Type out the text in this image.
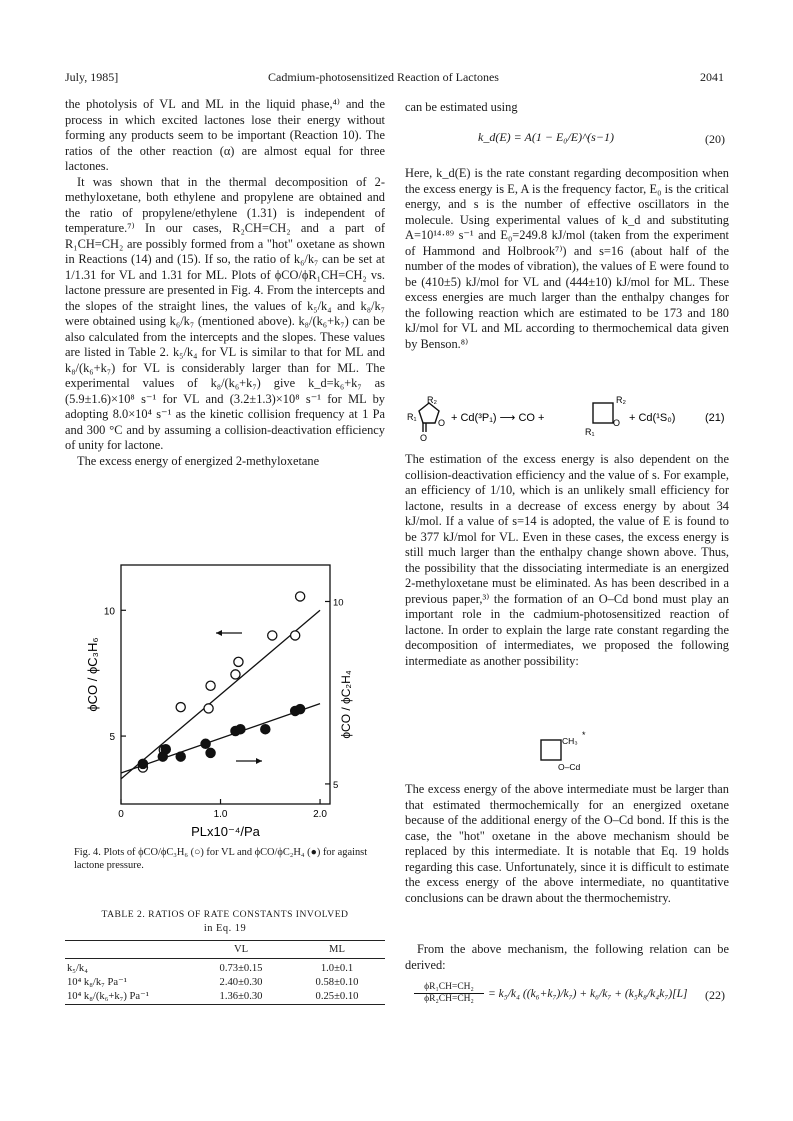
July, 1985]	Cadmium-photosensitized Reaction of Lactones	2041

the photolysis of VL and ML in the liquid phase,⁴⁾ and the process in which excited lactones lose their energy without forming any products seem to be important (Reaction 10). The ratios of the other reaction (α) are almost equal for three lactones.

It was shown that in the thermal decomposition of 2-methyloxetane, both ethylene and propylene are obtained and the ratio of propylene/ethylene (1.31) is independent of temperature.⁷⁾ In our cases, R₂CH=CH₂ and a part of R₁CH=CH₂ are possibly formed from a "hot" oxetane as shown in Reactions (14) and (15). If so, the ratio of k₆/k₇ can be set at 1/1.31 for VL and 1.31 for ML. Plots of ϕCO/ϕR₁CH=CH₂ vs. lactone pressure are presented in Fig. 4. From the intercepts and the slopes of the straight lines, the values of k₅/k₄ and k₈/k₇ were obtained using k₆/k₇ (mentioned above). k₈/(k₆+k₇) can be also calculated from the intercepts and the slopes. These values are listed in Table 2. k₅/k₄ for VL is similar to that for ML and k₈/(k₆+k₇) for VL is considerably larger than for ML. The experimental values of k₈/(k₆+k₇) give k_d=k₆+k₇ as (5.9±1.6)×10⁸ s⁻¹ for VL and (3.2±1.3)×10⁸ s⁻¹ for ML by adopting 8.0×10⁴ s⁻¹ as the kinetic collision frequency at 1 Pa and 300 °C and by assuming a collision-deactivation efficiency of unity for lactone.

The excess energy of energized 2-methyloxetane

0	1.0	2.0
5
10
5
10
PLx10⁻⁴/Pa
ϕCO / ϕC₃H₆	ϕCO / ϕC₂H₄
Fig. 4. Plots of ϕCO/ϕC₃H₆ (○) for VL and ϕCO/ϕC₂H₄ (●) for against lactone pressure.
TABLE 2. RATIOS OF RATE CONSTANTS INVOLVED
in Eq. 19
	VL	ML
k₅/k₄	0.73±0.15	1.0±0.1
10⁴ k₈/k₇ Pa⁻¹	2.40±0.30	0.58±0.10
10⁴ k₈/(k₆+k₇) Pa⁻¹	1.36±0.30	0.25±0.10
can be estimated using
k_d(E) = A(1 − E₀/E)^(s−1)	(20)
Here, k_d(E) is the rate constant regarding decomposition when the excess energy is E, A is the frequency factor, E₀ is the critical energy, and s is the number of effective oscillators in the molecule. Using experimental values of k_d and substituting A=10¹⁴·⁸⁹ s⁻¹ and E₀=249.8 kJ/mol (taken from the experiment of Hammond and Holbrook⁷⁾) and s=16 (about half of the number of the modes of vibration), the values of E were found to be (410±5) kJ/mol for VL and (444±10) kJ/mol for ML. These excess energies are much larger than the enthalpy changes for the following reaction which are estimated to be 173 and 180 kJ/mol for VL and ML according to thermochemical data given by Benson.⁸⁾
R₂
R₁
O
O
+ Cd(³P₁) ⟶ CO +
R₂
R₁
O + Cd(¹S₀)	(21)
The estimation of the excess energy is also dependent on the collision-deactivation efficiency and the value of s. For example, an efficiency of 1/10, which is an unlikely small efficiency for lactone, results in a decrease of excess energy by about 34 kJ/mol. If a value of s=14 is adopted, the value of E is found to be 377 kJ/mol for VL. Even in these cases, the excess energy is still much larger than the enthalpy change shown above. Thus, the possibility that the dissociating intermediate is an energized 2-methyloxetane must be eliminated. As has been described in a previous paper,³⁾ the formation of an O–Cd bond must play an important role in the cadmium-photosensitized reaction of lactone. In order to explain the large rate constant regarding the decomposition of intermediates, we proposed the following intermediate as another possibility:
CH₃
*
O–Cd
The excess energy of the above intermediate must be larger than that estimated thermochemically for an energized oxetane because of the additional energy of the O–Cd bond. If this is the case, the "hot" oxetane in the above mechanism should be replaced by this intermediate. It is notable that Eq. 19 holds regarding this case. Unfortunately, since it is difficult to estimate the excess energy of the above intermediate, no quantitative conclusions can be drawn about the thermochemistry.
From the above mechanism, the following relation can be derived:
$\frac{\text{ϕR₁CH=CH₂}}{\text{ϕR₂CH=CH₂}} = k_5/k_4$ ((k₆+k₇)/k₇) + k₆/k₇ + (k₅k₈/k₄k₇)[L] (22)
